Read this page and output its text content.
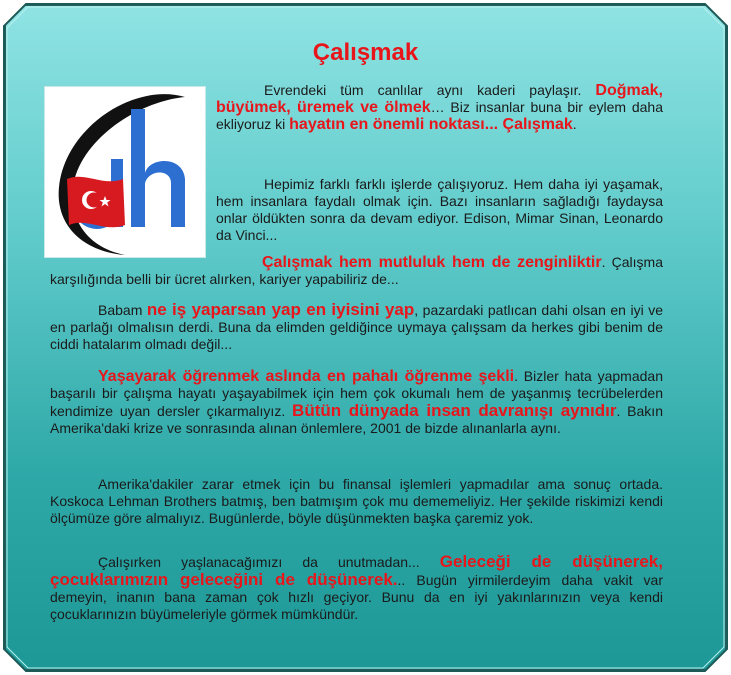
Çalışmak

Evrendeki tüm canlılar aynı kaderi paylaşır. Doğmak, büyümek, üremek ve ölmek… Biz insanlar buna bir eylem daha ekliyoruz ki hayatın en önemli noktası... Çalışmak.

Hepimiz farklı farklı işlerde çalışıyoruz. Hem daha iyi yaşamak, hem insanlara faydalı olmak için. Bazı insanların sağladığı faydaysa onlar öldükten sonra da devam ediyor. Edison, Mimar Sinan, Leonardo da Vinci...

Çalışmak hem mutluluk hem de zenginliktir. Çalışma karşılığında belli bir ücret alırken, kariyer yapabiliriz de...

Babam ne iş yaparsan yap en iyisini yap, pazardaki patlıcan dahi olsan en iyi ve en parlağı olmalısın derdi. Buna da elimden geldiğince uymaya çalışsam da herkes gibi benim de ciddi hatalarım olmadı değil...

Yaşayarak öğrenmek aslında en pahalı öğrenme şekli. Bizler hata yapmadan başarılı bir çalışma hayatı yaşayabilmek için hem çok okumalı hem de yaşanmış tecrübelerden kendimize uyan dersler çıkarmalıyız. Bütün dünyada insan davranışı aynıdır. Bakın Amerika'daki krize ve sonrasında alınan önlemlere, 2001 de bizde alınanlarla aynı.

Amerika'dakiler zarar etmek için bu finansal işlemleri yapmadılar ama sonuç ortada. Koskoca Lehman Brothers batmış, ben batmışım çok mu dememeliyiz. Her şekilde riskimizi kendi ölçümüze göre almalıyız. Bugünlerde, böyle düşünmekten başka çaremiz yok.

Çalışırken yaşlanacağımızı da unutmadan... Geleceği de düşünerek, çocuklarımızın geleceğini de düşünerek... Bugün yirmilerdeyim daha vakit var demeyin, inanın bana zaman çok hızlı geçiyor. Bunu da en iyi yakınlarınızın veya kendi çocuklarınızın büyümeleriyle görmek mümkündür.
